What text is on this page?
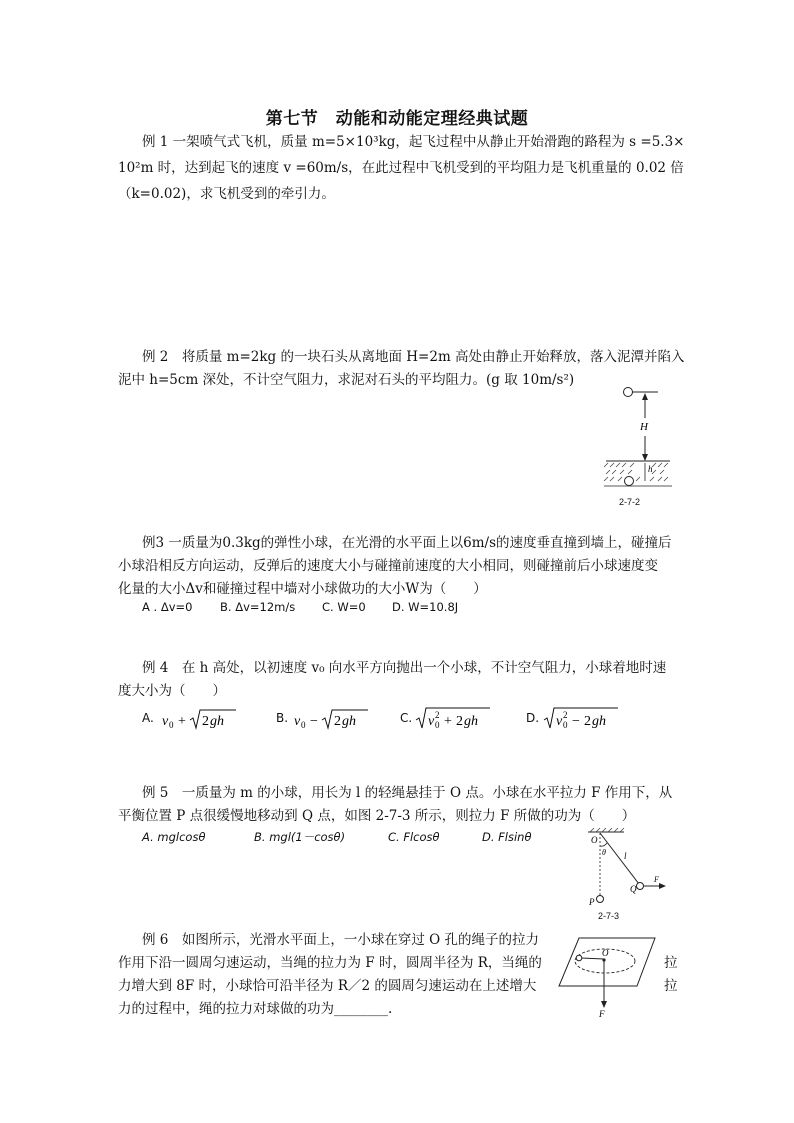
第七节　动能和动能定理经典试题
例 1 一架喷气式飞机，质量 m=5×10³kg，起飞过程中从静止开始滑跑的路程为 s =5.3×
10²m 时，达到起飞的速度 v =60m/s，在此过程中飞机受到的平均阻力是飞机重量的 0.02 倍
（k=0.02)，求飞机受到的牵引力。
例 2　将质量 m=2kg 的一块石头从离地面 H=2m 高处由静止开始释放，落入泥潭并陷入
泥中 h=5cm 深处，不计空气阻力，求泥对石头的平均阻力。(g 取 10m/s²)
H
h
2-7-2
例3 一质量为0.3kg的弹性小球，在光滑的水平面上以6m/s的速度垂直撞到墙上，碰撞后
小球沿相反方向运动，反弹后的速度大小与碰撞前速度的大小相同，则碰撞前后小球速度变
化量的大小Δv和碰撞过程中墙对小球做功的大小W为（　　）
A . Δv=0 B. Δv=12m/s C. W=0 D. W=10.8J
例 4　在 h 高处，以初速度 v₀ 向水平方向抛出一个小球，不计空气阻力，小球着地时速
度大小为（　　）
A. v 0 + 2 gh	B. v 0 − 2 gh	C. v 0
2 + 2 gh	D. v 0
2 − 2 gh
例 5　一质量为 m 的小球，用长为 l 的轻绳悬挂于 O 点。小球在水平拉力 F 作用下，从
平衡位置 P 点很缓慢地移动到 Q 点，如图 2-7-3 所示，则拉力 F 所做的功为（　　）
A. mglcosθ	B. mgl(1－cosθ)	C. Flcosθ	D. Flsinθ	O
θ l
Q
F
P
2-7-3
例 6　如图所示，光滑水平面上，一小球在穿过 O 孔的绳子的拉力
作用下沿一圆周匀速运动，当绳的拉力为 F 时，圆周半径为 R，当绳的
力增大到 8F 时，小球恰可沿半径为 R／2 的圆周匀速运动在上述增大
力的过程中，绳的拉力对球做的功为________.
拉
拉
O
F
